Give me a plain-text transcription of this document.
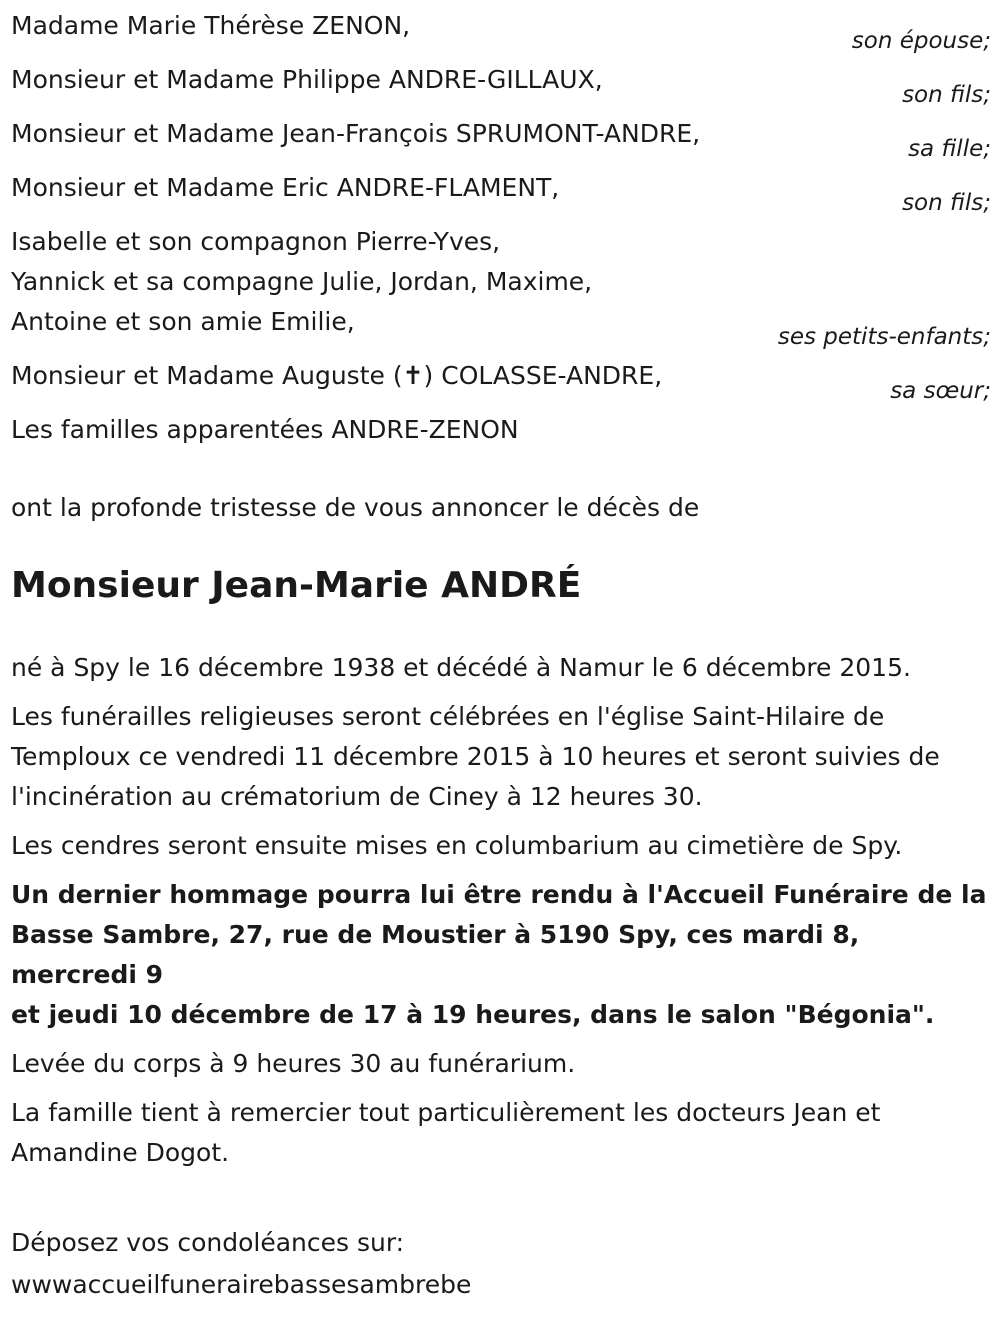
Madame Marie Thérèse ZENON,
son épouse;
Monsieur et Madame Philippe ANDRE-GILLAUX,
son fils;
Monsieur et Madame Jean-François SPRUMONT-ANDRE,
sa fille;
Monsieur et Madame Eric ANDRE-FLAMENT,
son fils;
Isabelle et son compagnon Pierre-Yves,
Yannick et sa compagne Julie, Jordan, Maxime,
Antoine et son amie Emilie,
ses petits-enfants;
Monsieur et Madame Auguste (✝) COLASSE-ANDRE,
sa sœur;
Les familles apparentées ANDRE-ZENON
ont la profonde tristesse de vous annoncer le décès de
Monsieur Jean-Marie ANDRÉ

né à Spy le 16 décembre 1938 et décédé à Namur le 6 décembre 2015.

Les funérailles religieuses seront célébrées en l'église Saint-Hilaire de
Temploux ce vendredi 11 décembre 2015 à 10 heures et seront suivies de
l'incinération au crématorium de Ciney à 12 heures 30.

Les cendres seront ensuite mises en columbarium au cimetière de Spy.

Un dernier hommage pourra lui être rendu à l'Accueil Funéraire de la
Basse Sambre, 27, rue de Moustier à 5190 Spy, ces mardi 8, mercredi 9
et jeudi 10 décembre de 17 à 19 heures, dans le salon "Bégonia".

Levée du corps à 9 heures 30 au funérarium.

La famille tient à remercier tout particulièrement les docteurs Jean et
Amandine Dogot.

Déposez vos condoléances sur:
wwwaccueilfunerairebassesambrebe
